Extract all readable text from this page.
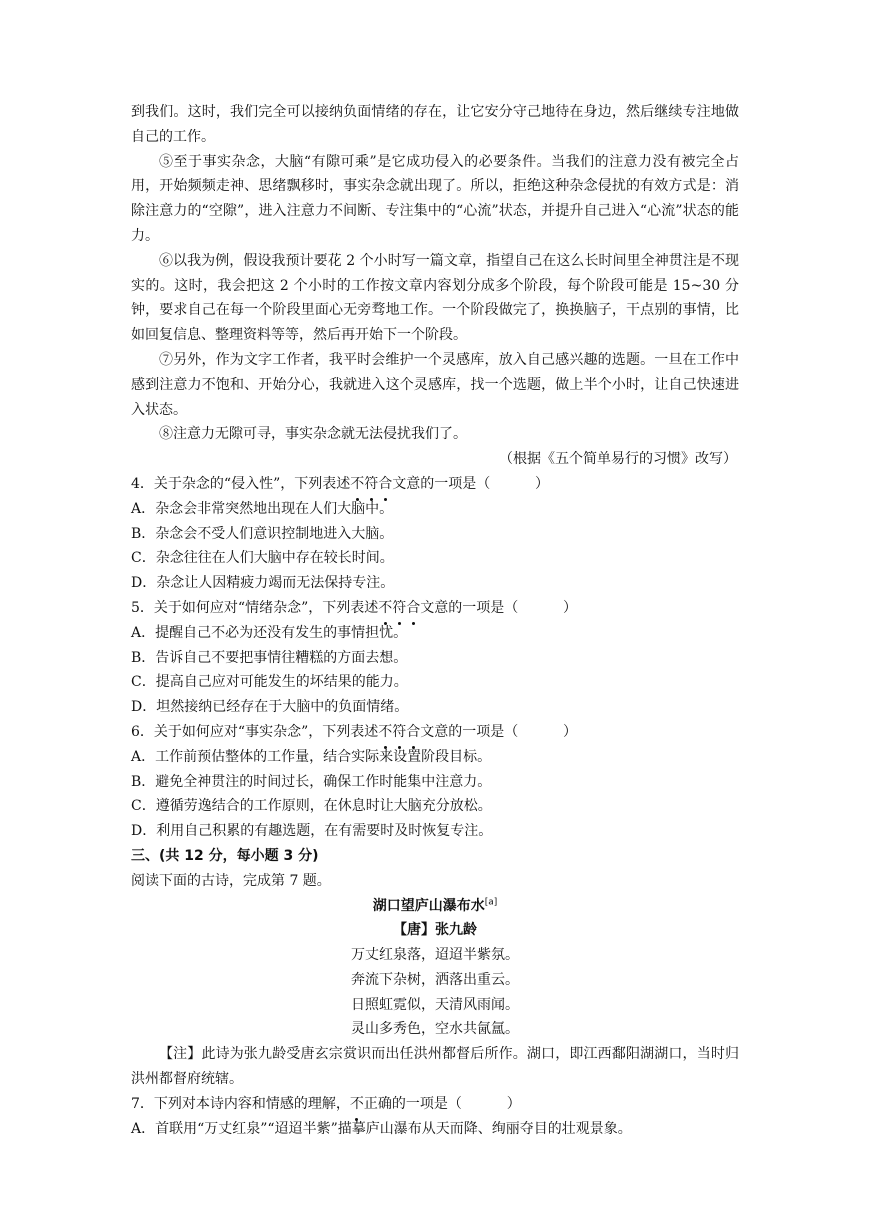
到我们。这时，我们完全可以接纳负面情绪的存在，让它安分守己地待在身边，然后继续专注地做自己的工作。

⑤至于事实杂念，大脑“有隙可乘”是它成功侵入的必要条件。当我们的注意力没有被完全占用，开始频频走神、思绪飘移时，事实杂念就出现了。所以，拒绝这种杂念侵扰的有效方式是：消除注意力的“空隙”，进入注意力不间断、专注集中的“心流”状态，并提升自己进入“心流”状态的能力。

⑥以我为例，假设我预计要花 2 个小时写一篇文章，指望自己在这么长时间里全神贯注是不现实的。这时，我会把这 2 个小时的工作按文章内容划分成多个阶段，每个阶段可能是 15~30 分钟，要求自己在每一个阶段里面心无旁骛地工作。一个阶段做完了，换换脑子，干点别的事情，比如回复信息、整理资料等等，然后再开始下一个阶段。

⑦另外，作为文字工作者，我平时会维护一个灵感库，放入自己感兴趣的选题。一旦在工作中感到注意力不饱和、开始分心，我就进入这个灵感库，找一个选题，做上半个小时，让自己快速进入状态。

⑧注意力无隙可寻，事实杂念就无法侵扰我们了。

（根据《五个简单易行的习惯》改写）

4．关于杂念的“侵入性”，下列表述不符合文意的一项是（	）

A．杂念会非常突然地出现在人们大脑中。

B．杂念会不受人们意识控制地进入大脑。

C．杂念往往在人们大脑中存在较长时间。

D．杂念让人因精疲力竭而无法保持专注。

5．关于如何应对“情绪杂念”，下列表述不符合文意的一项是（	）

A．提醒自己不必为还没有发生的事情担忧。

B．告诉自己不要把事情往糟糕的方面去想。

C．提高自己应对可能发生的坏结果的能力。

D．坦然接纳已经存在于大脑中的负面情绪。

6．关于如何应对“事实杂念”，下列表述不符合文意的一项是（	）

A．工作前预估整体的工作量，结合实际来设置阶段目标。

B．避免全神贯注的时间过长，确保工作时能集中注意力。

C．遵循劳逸结合的工作原则，在休息时让大脑充分放松。

D．利用自己积累的有趣选题，在有需要时及时恢复专注。

三、(共 12 分，每小题 3 分)

阅读下面的古诗，完成第 7 题。

湖口望庐山瀑布水[a]

【唐】张九龄

万丈红泉落，迢迢半紫氛。

奔流下杂树，洒落出重云。

日照虹霓似，天清风雨闻。

灵山多秀色，空水共氤氲。

【注】此诗为张九龄受唐玄宗赏识而出任洪州都督后所作。湖口，即江西鄱阳湖湖口，当时归洪州都督府统辖。

7．下列对本诗内容和情感的理解，不正确的一项是（	）

A．首联用“万丈红泉”“迢迢半紫”描摹庐山瀑布从天而降、绚丽夺目的壮观景象。
